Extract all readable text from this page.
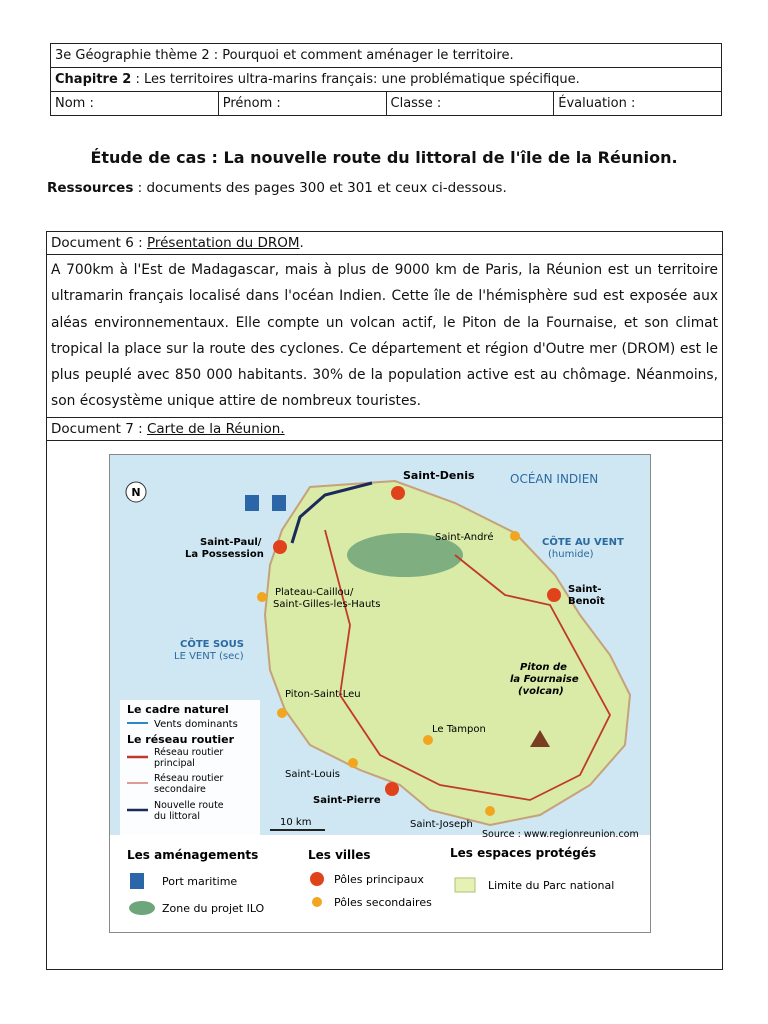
3e Géographie thème 2 : Pourquoi et comment aménager le territoire.
Chapitre 2 : Les territoires ultra-marins français: une problématique spécifique.
Nom :	Prénom :	Classe :	Évaluation :
Étude de cas : La nouvelle route du littoral de l'île de la Réunion.
Ressources : documents des pages 300 et 301 et ceux ci-dessous.
Document 6 : Présentation du DROM.
A 700km à l'Est de Madagascar, mais à plus de 9000 km de Paris, la Réunion est un territoire ultramarin français localisé dans l'océan Indien. Cette île de l'hémisphère sud est exposée aux aléas environnementaux. Elle compte un volcan actif, le Piton de la Fournaise, et son climat tropical la place sur la route des cyclones. Ce département et région d'Outre mer (DROM) est le plus peuplé avec 850 000 habitants. 30% de la population active est au chômage. Néanmoins, son écosystème unique attire de nombreux touristes.
Document 7 : Carte de la Réunion.
N
OCÉAN INDIEN
CÔTE AU VENT
(humide)
CÔTE SOUS
LE VENT (sec)
Piton de
la Fournaise
(volcan)
Saint-Denis
Saint-André
Saint-Paul/
La Possession
Saint-
Benoît
Plateau-Caillou/
Saint-Gilles-les-Hauts
Piton-Saint-Leu
Le Tampon
Saint-Louis
Saint-Pierre
Saint-Joseph
Le cadre naturel
Vents dominants
Le réseau routier
Réseau routier
principal
Réseau routier
secondaire
Nouvelle route
du littoral
10 km
Source : www.regionreunion.com
Les aménagements
Port maritime
Zone du projet ILO
Les villes
Pôles principaux
Pôles secondaires
Les espaces protégés
Limite du Parc national
